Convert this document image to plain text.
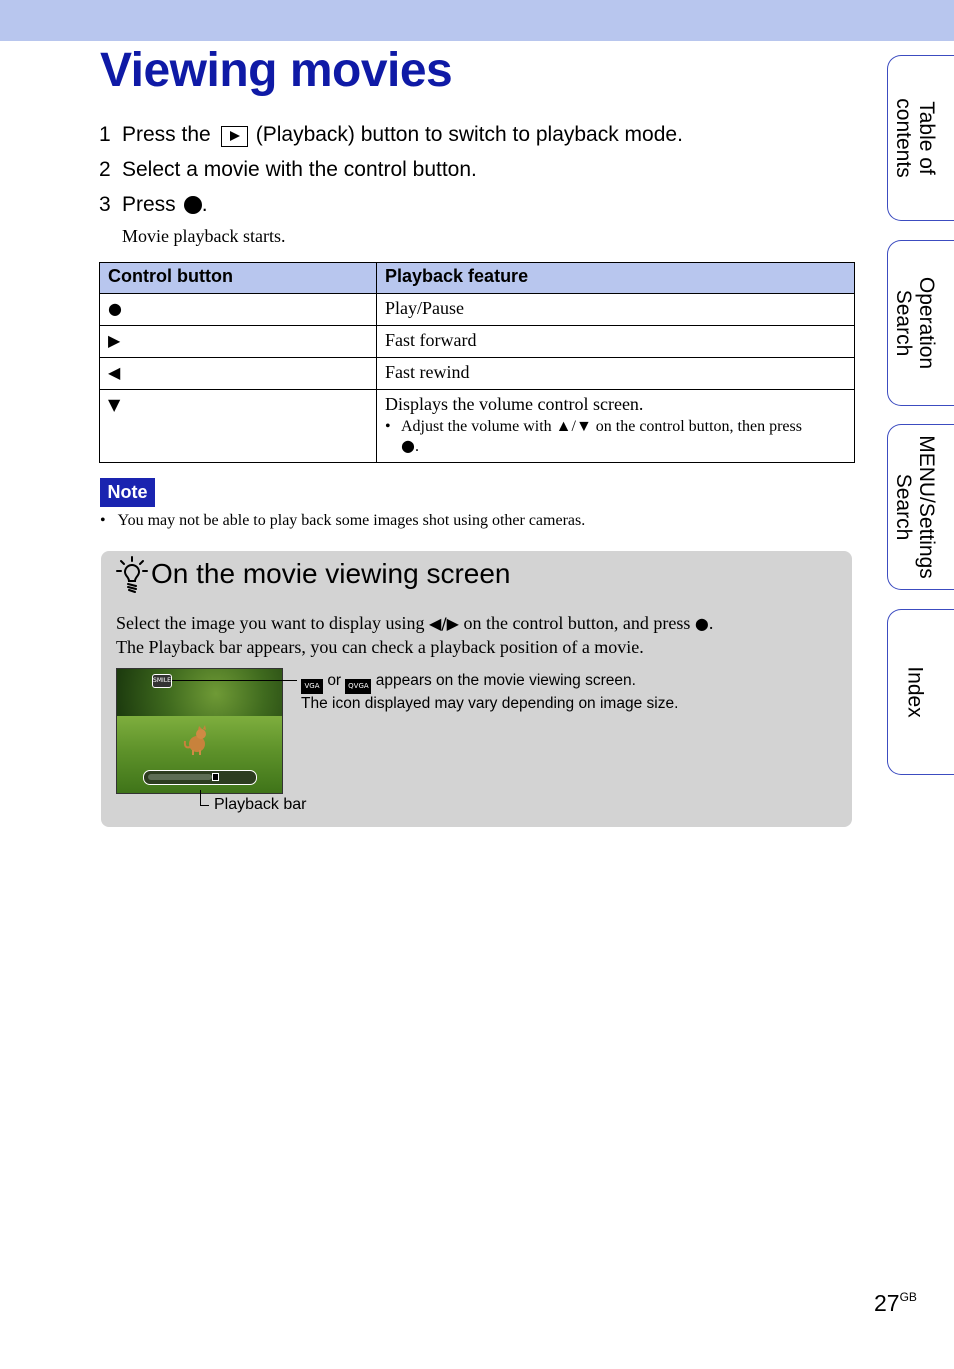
Viewing movies
1 Press the (Playback) button to switch to playback mode.
2 Select a movie with the control button.
3 Press .
Movie playback starts.
Control button	Playback feature
●	Play/Pause
▶	Fast forward
◀	Fast rewind
▼	Displays the volume control screen.
• Adjust the volume with ▲/▼ on the control button, then press
●.
Note
•   You may not be able to play back some images shot using other cameras.
On the movie viewing screen
Select the image you want to display using ◀/▶ on the control button, and press ●.
The Playback bar appears, you can check a playback position of a movie.
SMILE
VGA or QVGA appears on the movie viewing screen.
The icon displayed may vary depending on image size.
Playback bar
Table of
contents
Operation
Search
MENU/Settings
Search
Index
$27^{GB}$
